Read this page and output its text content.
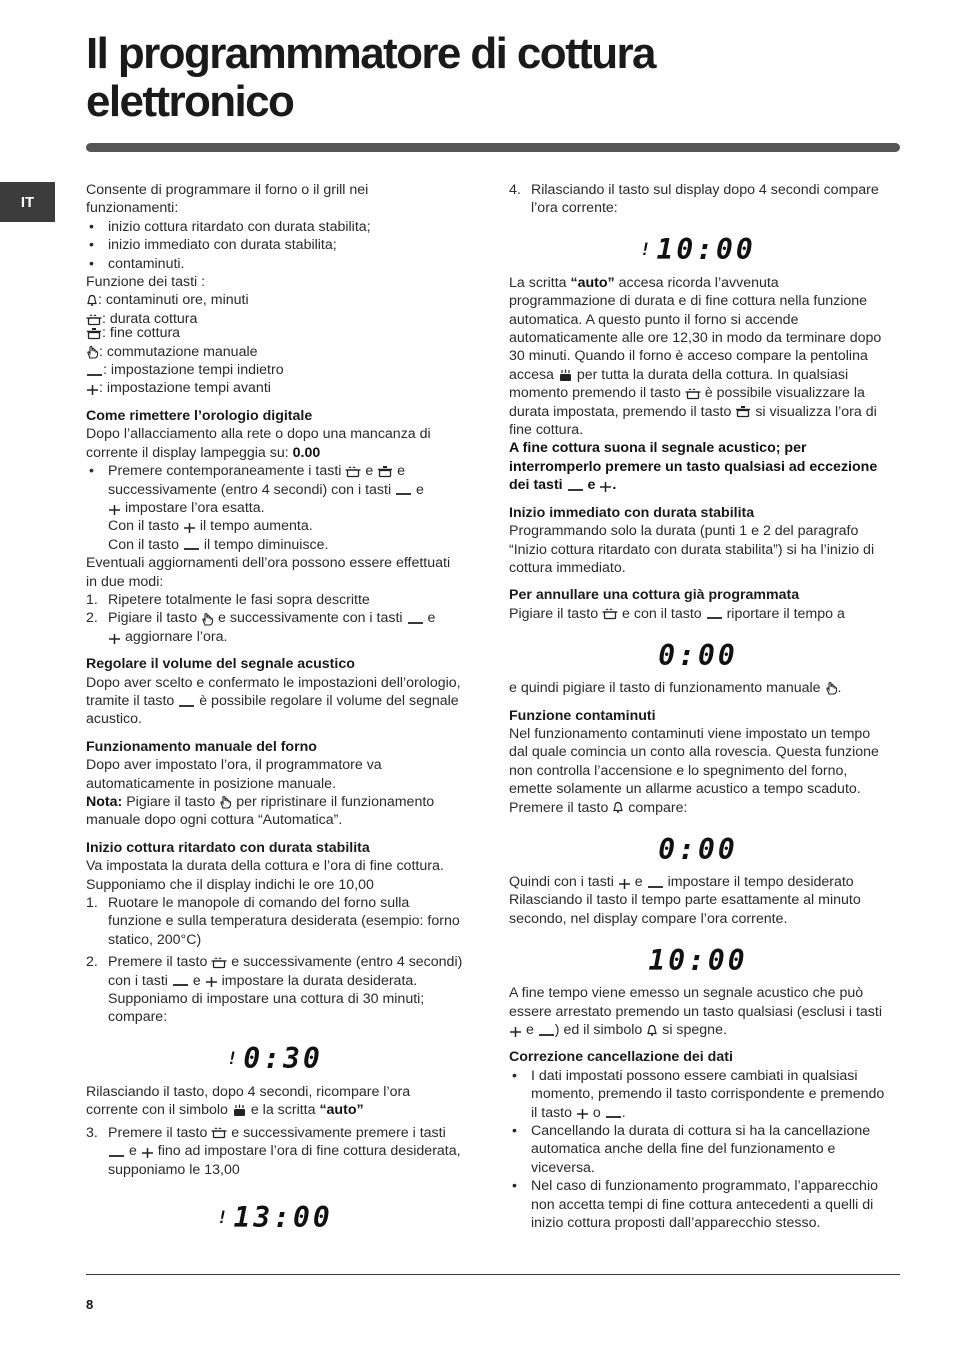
Il programmmatore di cottura elettronico
IT

Consente di programmare il forno o il grill nei funzionamenti:

• inizio cottura ritardato con durata stabilita;
• inizio immediato con durata stabilita;
• contaminuti.

Funzione dei tasti :

: contaminuti ore, minuti
: durata cottura
: fine cottura
: commutazione manuale
: impostazione tempi indietro
: impostazione tempi avanti
Come rimettere l’orologio digitale

Dopo l’allacciamento alla rete o dopo una mancanza di corrente il display lampeggia su: 0.00

• Premere contemporaneamente i tasti e e successivamente (entro 4 secondi) con i tasti e

impostare l’ora esatta.
Con il tasto il tempo aumenta.
Con il tasto il tempo diminuisce.

Eventuali aggiornamenti dell’ora possono essere effettuati in due modi:

1. Ripetere totalmente le fasi sopra descritte
2. Pigiare il tasto e successivamente con i tasti e

aggiornare l’ora.
Regolare il volume del segnale acustico

Dopo aver scelto e confermato le impostazioni dell’orologio, tramite il tasto è possibile regolare il volume del segnale acustico.

Funzionamento manuale del forno

Dopo aver impostato l’ora, il programmatore va automaticamente in posizione manuale.

Nota: Pigiare il tasto per ripristinare il funzionamento manuale dopo ogni cottura “Automatica”.

Inizio cottura ritardato con durata stabilita

Va impostata la durata della cottura e l’ora di fine cottura. Supponiamo che il display indichi le ore 10,00

1. Ruotare le manopole di comando del forno sulla funzione e sulla temperatura desiderata (esempio: forno statico, 200°C)
2. Premere il tasto e successivamente (entro 4 secondi) con i tasti e impostare la durata desiderata. Supponiamo di impostare una cottura di 30 minuti; compare:
! 0:30

Rilasciando il tasto, dopo 4 secondi, ricompare l’ora corrente con il simbolo e la scritta “auto”

3. Premere il tasto e successivamente premere i tasti
e fino ad impostare l’ora di fine cottura desiderata, supponiamo le 13,00
! 13:00
4. Rilasciando il tasto sul display dopo 4 secondi compare l’ora corrente:
! 10:00

La scritta “auto” accesa ricorda l’avvenuta programmazione di durata e di fine cottura nella funzione automatica. A questo punto il forno si accende automaticamente alle ore 12,30 in modo da terminare dopo 30 minuti. Quando il forno è acceso compare la pentolina accesa per tutta la durata della cottura. In qualsiasi momento premendo il tasto è possibile visualizzare la durata impostata, premendo il tasto si visualizza l’ora di fine cottura.

A fine cottura suona il segnale acustico; per interromperlo premere un tasto qualsiasi ad eccezione dei tasti e .

Inizio immediato con durata stabilita

Programmando solo la durata (punti 1 e 2 del paragrafo “Inizio cottura ritardato con durata stabilita”) si ha l’inizio di cottura immediato.

Per annullare una cottura già programmata

Pigiare il tasto e con il tasto riportare il tempo a

0:00

e quindi pigiare il tasto di funzionamento manuale .

Funzione contaminuti

Nel funzionamento contaminuti viene impostato un tempo dal quale comincia un conto alla rovescia. Questa funzione non controlla l’accensione e lo spegnimento del forno, emette solamente un allarme acustico a tempo scaduto. Premere il tasto compare:

0:00

Quindi con i tasti e impostare il tempo desiderato

Rilasciando il tasto il tempo parte esattamente al minuto secondo, nel display compare l’ora corrente.

10:00

A fine tempo viene emesso un segnale acustico che può essere arrestato premendo un tasto qualsiasi (esclusi i tasti
e ) ed il simbolo si spegne.

Correzione cancellazione dei dati
• I dati impostati possono essere cambiati in qualsiasi momento, premendo il tasto corrispondente e premendo il tasto o .
• Cancellando la durata di cottura si ha la cancellazione automatica anche della fine del funzionamento e viceversa.
• Nel caso di funzionamento programmato, l’apparecchio non accetta tempi di fine cottura antecedenti a quelli di inizio cottura proposti dall’apparecchio stesso.
8
